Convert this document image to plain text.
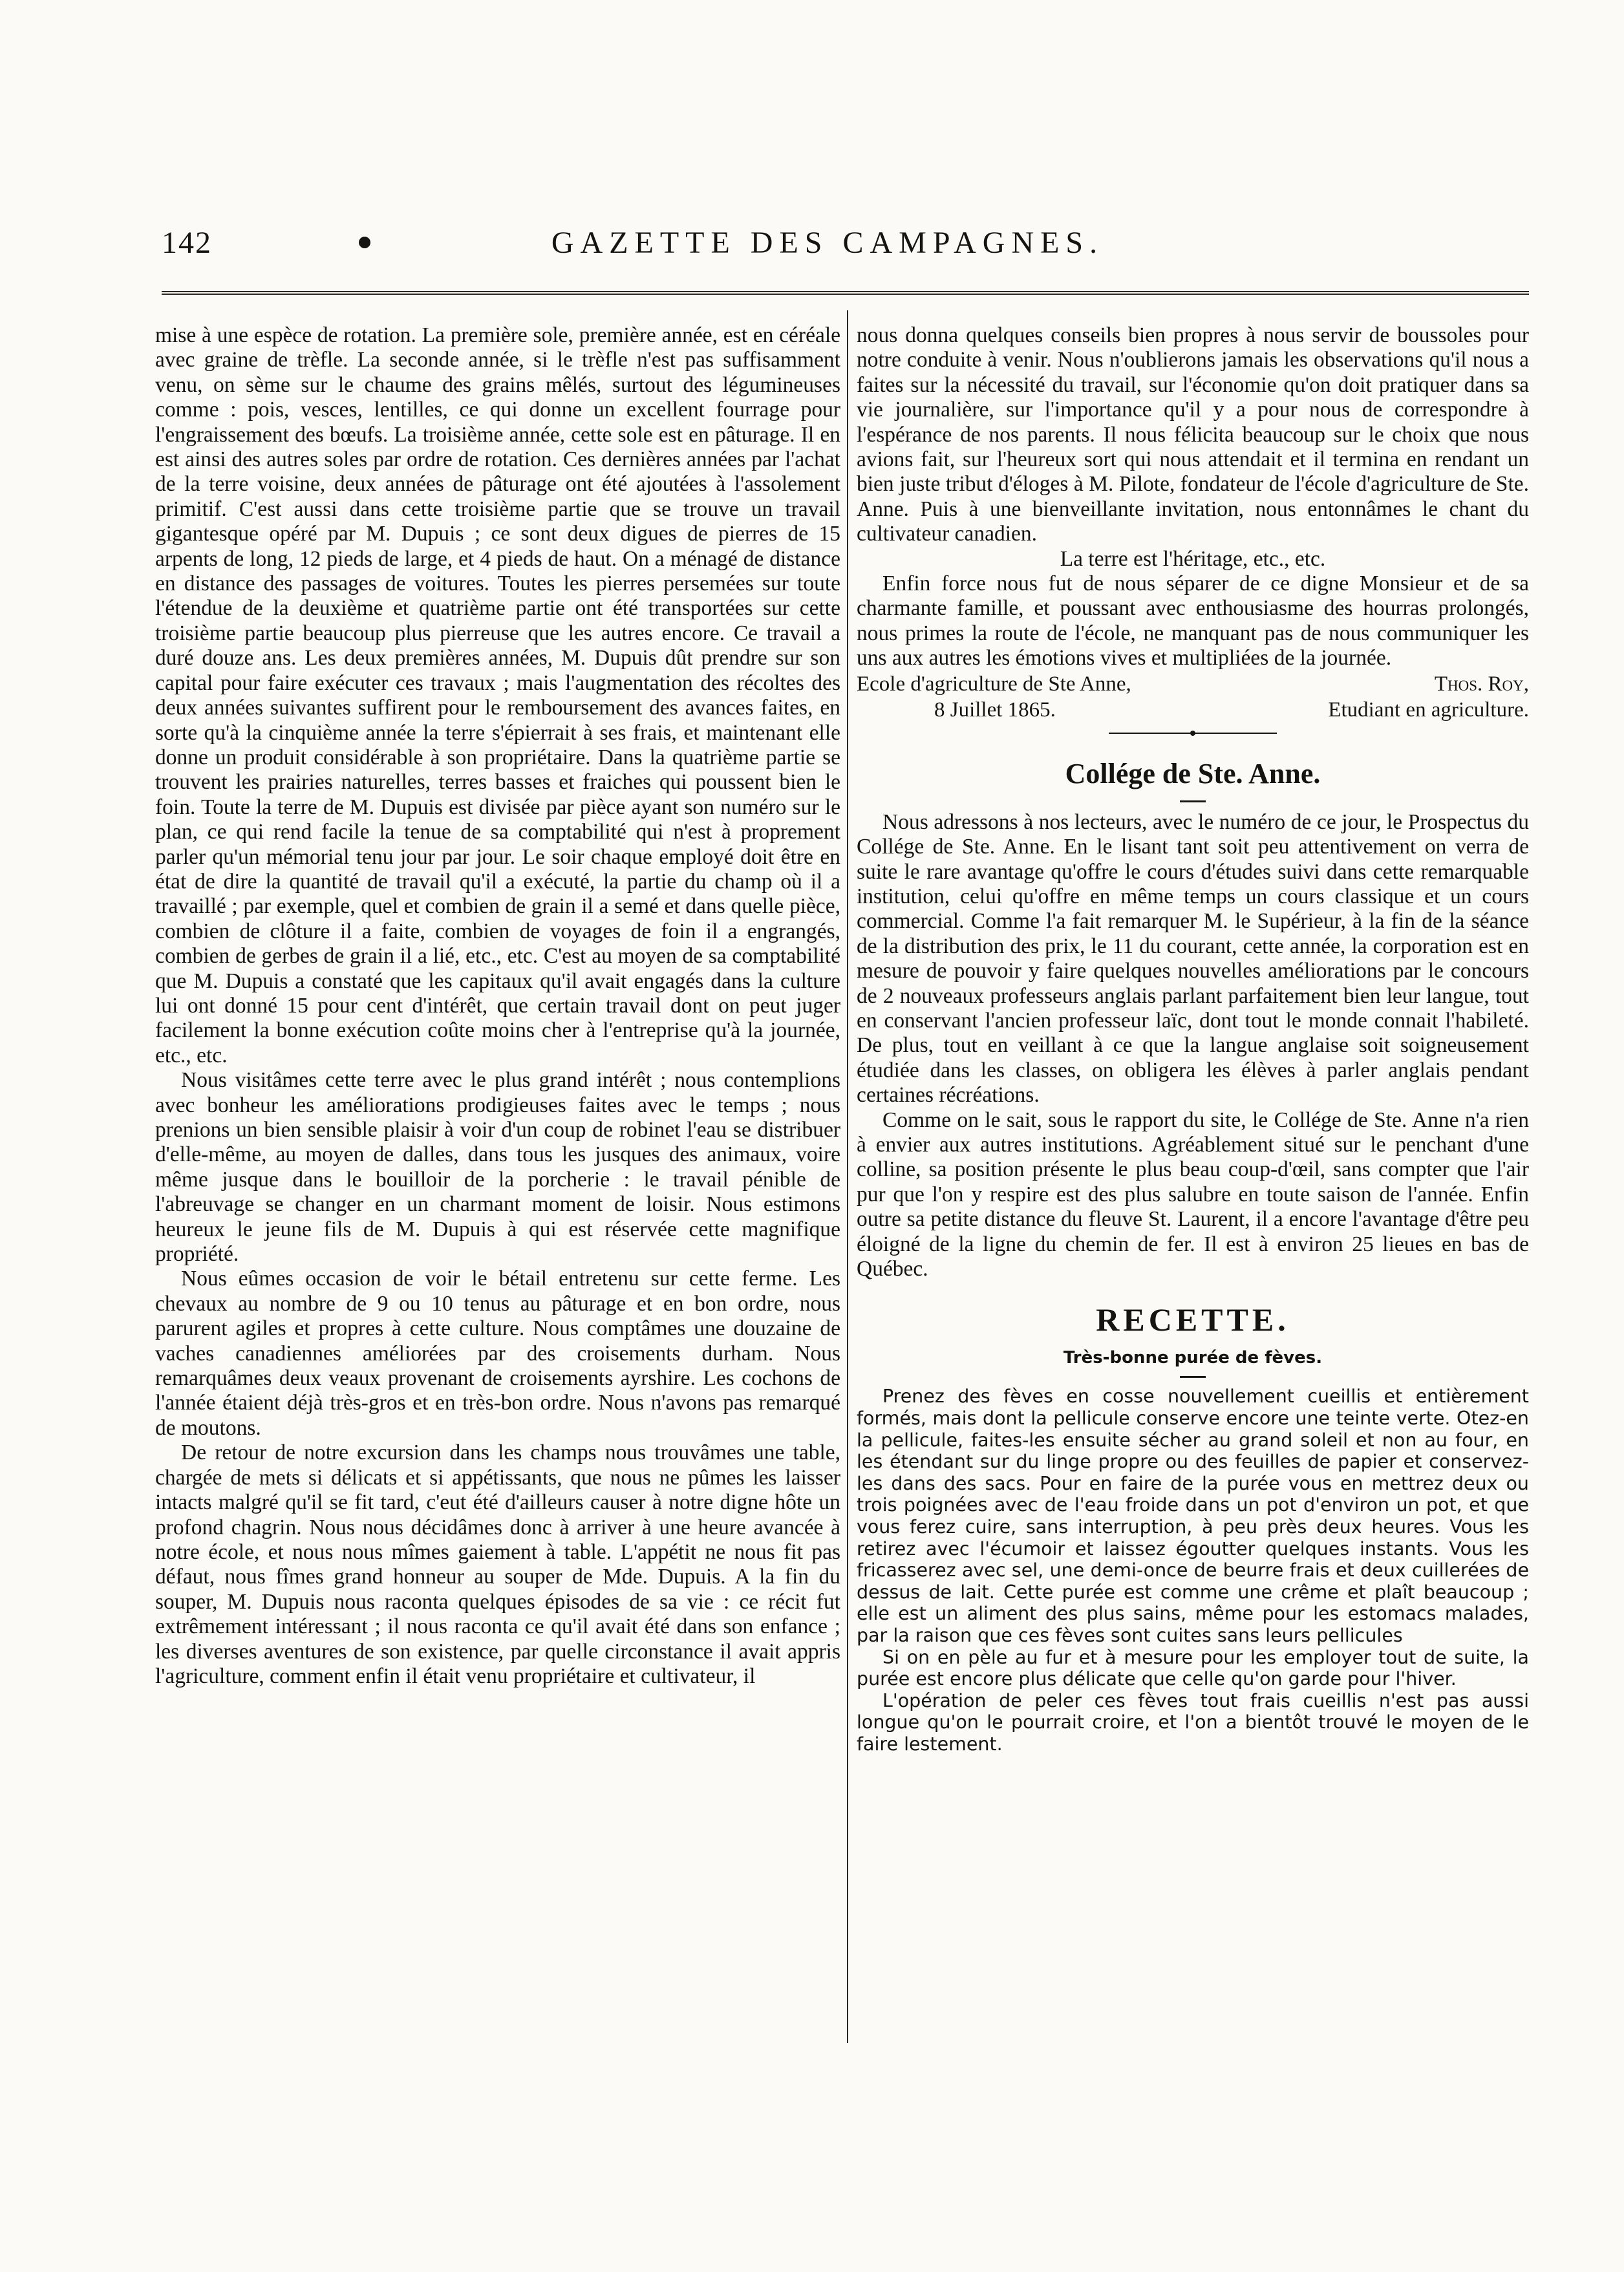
142	GAZETTE DES CAMPAGNES.

mise à une espèce de rotation. La première sole, première année, est en céréale avec graine de trèfle. La seconde année, si le trèfle n'est pas suffisamment venu, on sème sur le chaume des grains mêlés, surtout des légumineuses comme : pois, vesces, lentilles, ce qui donne un excellent fourrage pour l'engraissement des bœufs. La troisième année, cette sole est en pâturage. Il en est ainsi des autres soles par ordre de rotation. Ces dernières années par l'achat de la terre voisine, deux années de pâturage ont été ajoutées à l'assolement primitif. C'est aussi dans cette troisième partie que se trouve un travail gigantesque opéré par M. Dupuis ; ce sont deux digues de pierres de 15 arpents de long, 12 pieds de large, et 4 pieds de haut. On a ménagé de distance en distance des passages de voitures. Toutes les pierres persemées sur toute l'étendue de la deuxième et quatrième partie ont été transportées sur cette troisième partie beaucoup plus pierreuse que les autres encore. Ce travail a duré douze ans. Les deux premières années, M. Dupuis dût prendre sur son capital pour faire exécuter ces travaux ; mais l'augmentation des récoltes des deux années suivantes suffirent pour le remboursement des avances faites, en sorte qu'à la cinquième année la terre s'épierrait à ses frais, et maintenant elle donne un produit considérable à son propriétaire. Dans la quatrième partie se trouvent les prairies naturelles, terres basses et fraiches qui poussent bien le foin. Toute la terre de M. Dupuis est divisée par pièce ayant son numéro sur le plan, ce qui rend facile la tenue de sa comptabilité qui n'est à proprement parler qu'un mémorial tenu jour par jour. Le soir chaque employé doit être en état de dire la quantité de travail qu'il a exécuté, la partie du champ où il a travaillé ; par exemple, quel et combien de grain il a semé et dans quelle pièce, combien de clôture il a faite, combien de voyages de foin il a engrangés, combien de gerbes de grain il a lié, etc., etc. C'est au moyen de sa comptabilité que M. Dupuis a constaté que les capitaux qu'il avait engagés dans la culture lui ont donné 15 pour cent d'intérêt, que certain travail dont on peut juger facilement la bonne exécution coûte moins cher à l'entreprise qu'à la journée, etc., etc.

Nous visitâmes cette terre avec le plus grand intérêt ; nous contemplions avec bonheur les améliorations prodigieuses faites avec le temps ; nous prenions un bien sensible plaisir à voir d'un coup de robinet l'eau se distribuer d'elle-même, au moyen de dalles, dans tous les jusques des animaux, voire même jusque dans le bouilloir de la porcherie : le travail pénible de l'abreuvage se changer en un charmant moment de loisir. Nous estimons heureux le jeune fils de M. Dupuis à qui est réservée cette magnifique propriété.

Nous eûmes occasion de voir le bétail entretenu sur cette ferme. Les chevaux au nombre de 9 ou 10 tenus au pâturage et en bon ordre, nous parurent agiles et propres à cette culture. Nous comptâmes une douzaine de vaches canadiennes améliorées par des croisements durham. Nous remarquâmes deux veaux provenant de croisements ayrshire. Les cochons de l'année étaient déjà très-gros et en très-bon ordre. Nous n'avons pas remarqué de moutons.

De retour de notre excursion dans les champs nous trouvâmes une table, chargée de mets si délicats et si appétissants, que nous ne pûmes les laisser intacts malgré qu'il se fit tard, c'eut été d'ailleurs causer à notre digne hôte un profond chagrin. Nous nous décidâmes donc à arriver à une heure avancée à notre école, et nous nous mîmes gaiement à table. L'appétit ne nous fit pas défaut, nous fîmes grand honneur au souper de Mde. Dupuis. A la fin du souper, M. Dupuis nous raconta quelques épisodes de sa vie : ce récit fut extrêmement intéressant ; il nous raconta ce qu'il avait été dans son enfance ; les diverses aventures de son existence, par quelle circonstance il avait appris l'agriculture, comment enfin il était venu propriétaire et cultivateur, il

nous donna quelques conseils bien propres à nous servir de boussoles pour notre conduite à venir. Nous n'oublierons jamais les observations qu'il nous a faites sur la nécessité du travail, sur l'économie qu'on doit pratiquer dans sa vie journalière, sur l'importance qu'il y a pour nous de correspondre à l'espérance de nos parents. Il nous félicita beaucoup sur le choix que nous avions fait, sur l'heureux sort qui nous attendait et il termina en rendant un bien juste tribut d'éloges à M. Pilote, fondateur de l'école d'agriculture de Ste. Anne. Puis à une bienveillante invitation, nous entonnâmes le chant du cultivateur canadien.

La terre est l'héritage, etc., etc.

Enfin force nous fut de nous séparer de ce digne Monsieur et de sa charmante famille, et poussant avec enthousiasme des hourras prolongés, nous primes la route de l'école, ne manquant pas de nous communiquer les uns aux autres les émotions vives et multipliées de la journée.

Ecole d'agriculture de Ste Anne,	Thos. Roy,
8 Juillet 1865.	Etudiant en agriculture.
Collége de Ste. Anne.

Nous adressons à nos lecteurs, avec le numéro de ce jour, le Prospectus du Collége de Ste. Anne. En le lisant tant soit peu attentivement on verra de suite le rare avantage qu'offre le cours d'études suivi dans cette remarquable institution, celui qu'offre en même temps un cours classique et un cours commercial. Comme l'a fait remarquer M. le Supérieur, à la fin de la séance de la distribution des prix, le 11 du courant, cette année, la corporation est en mesure de pouvoir y faire quelques nouvelles améliorations par le concours de 2 nouveaux professeurs anglais parlant parfaitement bien leur langue, tout en conservant l'ancien professeur laïc, dont tout le monde connait l'habileté. De plus, tout en veillant à ce que la langue anglaise soit soigneusement étudiée dans les classes, on obligera les élèves à parler anglais pendant certaines récréations.

Comme on le sait, sous le rapport du site, le Collége de Ste. Anne n'a rien à envier aux autres institutions. Agréablement situé sur le penchant d'une colline, sa position présente le plus beau coup-d'œil, sans compter que l'air pur que l'on y respire est des plus salubre en toute saison de l'année. Enfin outre sa petite distance du fleuve St. Laurent, il a encore l'avantage d'être peu éloigné de la ligne du chemin de fer. Il est à environ 25 lieues en bas de Québec.

RECETTE.
Très-bonne purée de fèves.

Prenez des fèves en cosse nouvellement cueillis et entièrement formés, mais dont la pellicule conserve encore une teinte verte. Otez-en la pellicule, faites-les ensuite sécher au grand soleil et non au four, en les étendant sur du linge propre ou des feuilles de papier et conservez-les dans des sacs. Pour en faire de la purée vous en mettrez deux ou trois poignées avec de l'eau froide dans un pot d'environ un pot, et que vous ferez cuire, sans interruption, à peu près deux heures. Vous les retirez avec l'écumoir et laissez égoutter quelques instants. Vous les fricasserez avec sel, une demi-once de beurre frais et deux cuillerées de dessus de lait. Cette purée est comme une crême et plaît beaucoup ; elle est un aliment des plus sains, même pour les estomacs malades, par la raison que ces fèves sont cuites sans leurs pellicules

Si on en pèle au fur et à mesure pour les employer tout de suite, la purée est encore plus délicate que celle qu'on garde pour l'hiver.

L'opération de peler ces fèves tout frais cueillis n'est pas aussi longue qu'on le pourrait croire, et l'on a bientôt trouvé le moyen de le faire lestement.
